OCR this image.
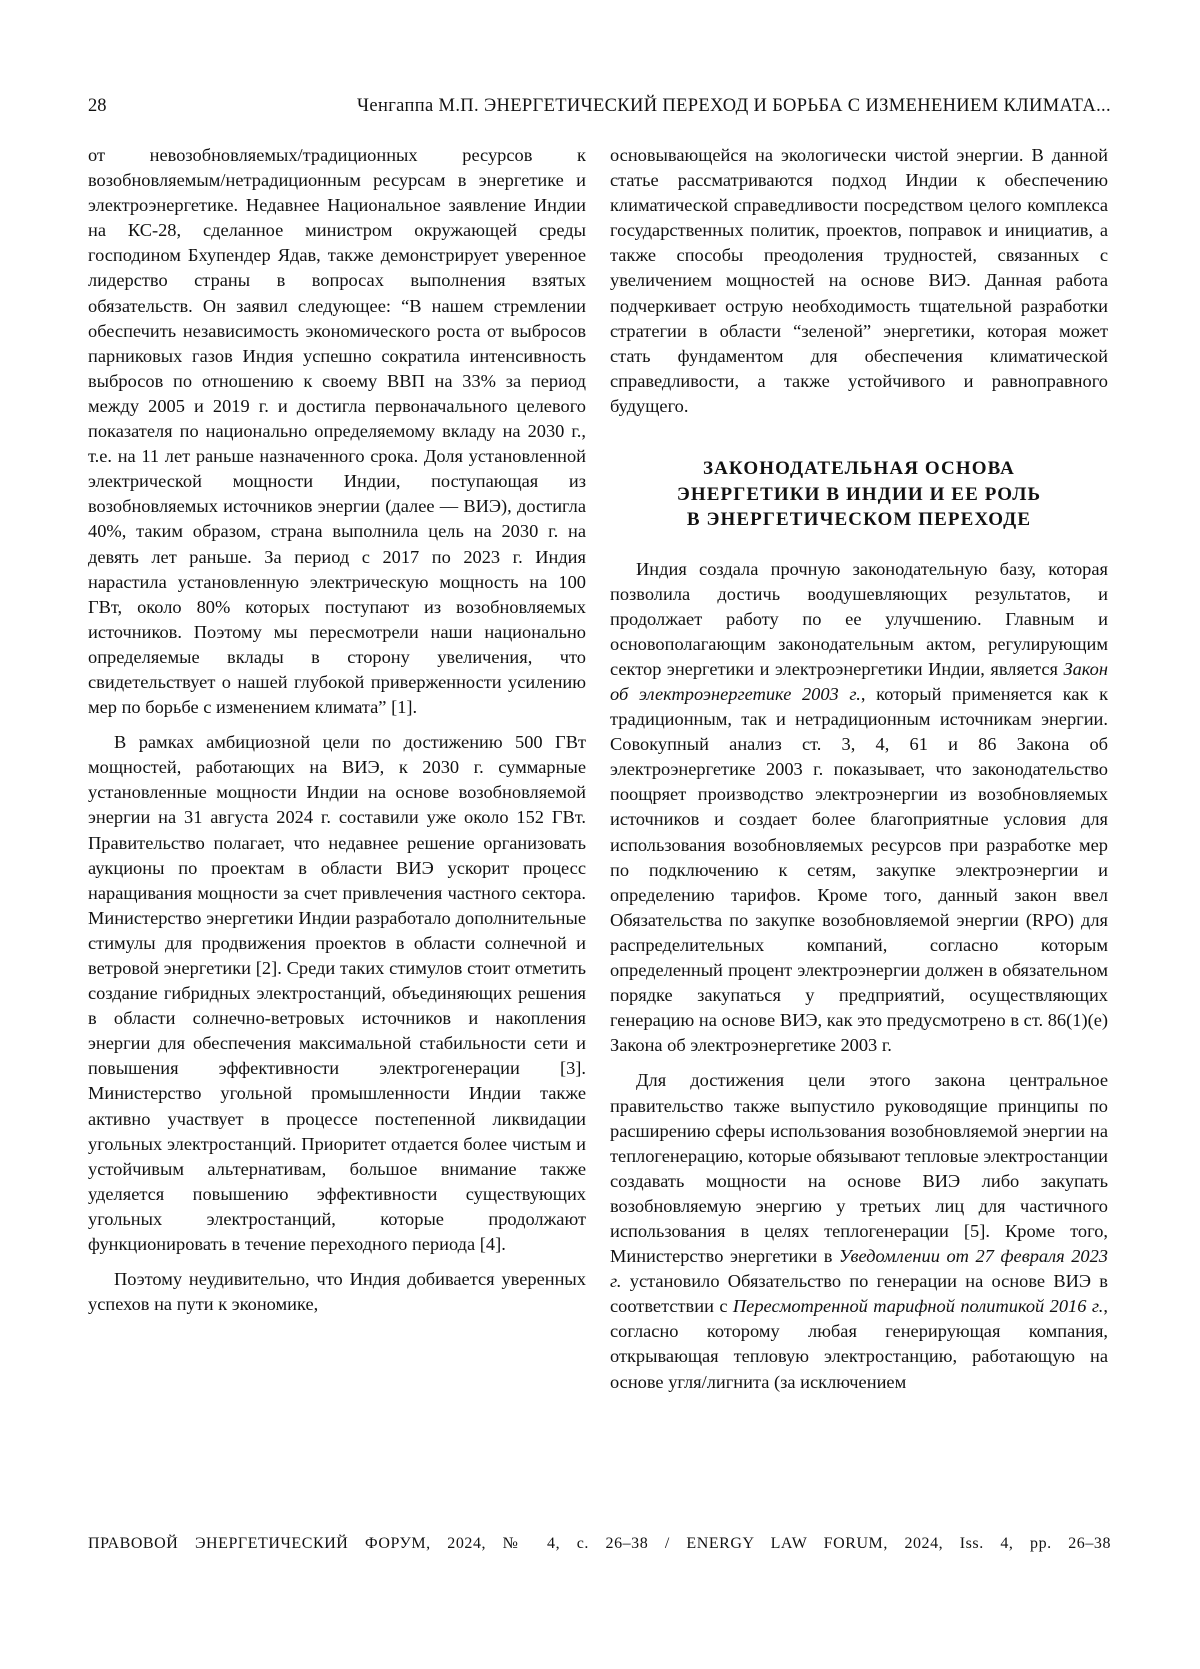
28	Ченгаппа М.П. ЭНЕРГЕТИЧЕСКИЙ ПЕРЕХОД И БОРЬБА С ИЗМЕНЕНИЕМ КЛИМАТА...

от невозобновляемых/традиционных ресурсов к возобновляемым/нетрадиционным ресурсам в энергетике и электроэнергетике. Недавнее Национальное заявление Индии на КС-28, сделанное министром окружающей среды господином Бхупендер Ядав, также демонстрирует уверенное лидерство страны в вопросах выполнения взятых обязательств. Он заявил следующее: “В нашем стремлении обеспечить независимость экономического роста от выбросов парниковых газов Индия успешно сократила интенсивность выбросов по отношению к своему ВВП на 33% за период между 2005 и 2019 г. и достигла первоначального целевого показателя по национально определяемому вкладу на 2030 г., т.е. на 11 лет раньше назначенного срока. Доля установленной электрической мощности Индии, поступающая из возобновляемых источников энергии (далее — ВИЭ), достигла 40%, таким образом, страна выполнила цель на 2030 г. на девять лет раньше. За период с 2017 по 2023 г. Индия нарастила установленную электрическую мощность на 100 ГВт, около 80% которых поступают из возобновляемых источников. Поэтому мы пересмотрели наши национально определяемые вклады в сторону увеличения, что свидетельствует о нашей глубокой приверженности усилению мер по борьбе с изменением климата” [1].

В рамках амбициозной цели по достижению 500 ГВт мощностей, работающих на ВИЭ, к 2030 г. суммарные установленные мощности Индии на основе возобновляемой энергии на 31 августа 2024 г. составили уже около 152 ГВт. Правительство полагает, что недавнее решение организовать аукционы по проектам в области ВИЭ ускорит процесс наращивания мощности за счет привлечения частного сектора. Министерство энергетики Индии разработало дополнительные стимулы для продвижения проектов в области солнечной и ветровой энергетики [2]. Среди таких стимулов стоит отметить создание гибридных электростанций, объединяющих решения в области солнечно-ветровых источников и накопления энергии для обеспечения максимальной стабильности сети и повышения эффективности электрогенерации [3]. Министерство угольной промышленности Индии также активно участвует в процессе постепенной ликвидации угольных электростанций. Приоритет отдается более чистым и устойчивым альтернативам, большое внимание также уделяется повышению эффективности существующих угольных электростанций, которые продолжают функционировать в течение переходного периода [4].

Поэтому неудивительно, что Индия добивается уверенных успехов на пути к экономике,

основывающейся на экологически чистой энергии. В данной статье рассматриваются подход Индии к обеспечению климатической справедливости посредством целого комплекса государственных политик, проектов, поправок и инициатив, а также способы преодоления трудностей, связанных с увеличением мощностей на основе ВИЭ. Данная работа подчеркивает острую необходимость тщательной разработки стратегии в области “зеленой” энергетики, которая может стать фундаментом для обеспечения климатической справедливости, а также устойчивого и равноправного будущего.

ЗАКОНОДАТЕЛЬНАЯ ОСНОВА
ЭНЕРГЕТИКИ В ИНДИИ И ЕЕ РОЛЬ
В ЭНЕРГЕТИЧЕСКОМ ПЕРЕХОДЕ

Индия создала прочную законодательную базу, которая позволила достичь воодушевляющих результатов, и продолжает работу по ее улучшению. Главным и основополагающим законодательным актом, регулирующим сектор энергетики и электроэнергетики Индии, является Закон об электроэнергетике 2003 г., который применяется как к традиционным, так и нетрадиционным источникам энергии. Совокупный анализ ст. 3, 4, 61 и 86 Закона об электроэнергетике 2003 г. показывает, что законодательство поощряет производство электроэнергии из возобновляемых источников и создает более благоприятные условия для использования возобновляемых ресурсов при разработке мер по подключению к сетям, закупке электроэнергии и определению тарифов. Кроме того, данный закон ввел Обязательства по закупке возобновляемой энергии (RPO) для распределительных компаний, согласно которым определенный процент электроэнергии должен в обязательном порядке закупаться у предприятий, осуществляющих генерацию на основе ВИЭ, как это предусмотрено в ст. 86(1)(e) Закона об электроэнергетике 2003 г.

Для достижения цели этого закона центральное правительство также выпустило руководящие принципы по расширению сферы использования возобновляемой энергии на теплогенерацию, которые обязывают тепловые электростанции создавать мощности на основе ВИЭ либо закупать возобновляемую энергию у третьих лиц для частичного использования в целях теплогенерации [5]. Кроме того, Министерство энергетики в Уведомлении от 27 февраля 2023 г. установило Обязательство по генерации на основе ВИЭ в соответствии с Пересмотренной тарифной политикой 2016 г., согласно которому любая генерирующая компания, открывающая тепловую электростанцию, работающую на основе угля/лигнита (за исключением

ПРАВОВОЙ ЭНЕРГЕТИЧЕСКИЙ ФОРУМ, 2024, № 4, с. 26–38 / ENERGY LAW FORUM, 2024, Iss. 4, pp. 26–38
